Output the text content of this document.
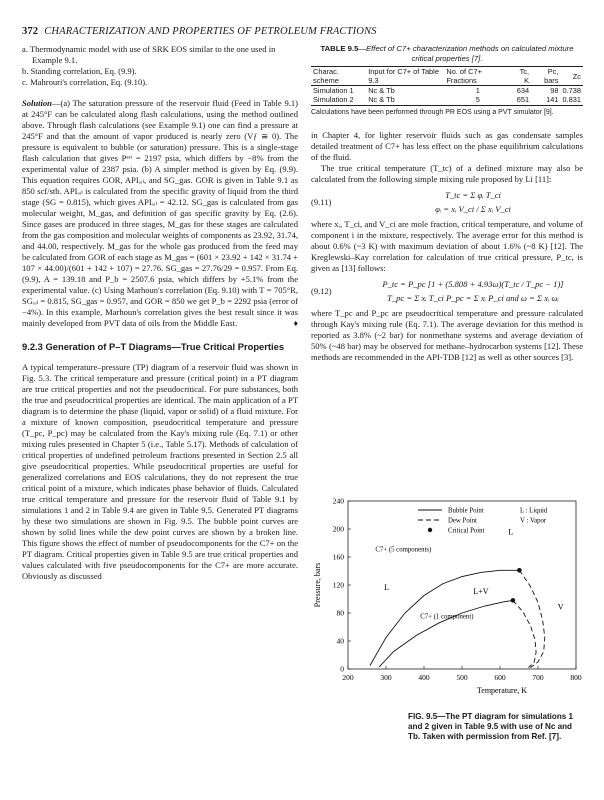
372 CHARACTERIZATION AND PROPERTIES OF PETROLEUM FRACTIONS

a. Thermodynamic model with use of SRK EOS similar to the one used in Example 9.1.

b. Standing correlation, Eq. (9.9).

c. Mahrouri's correlation, Eq. (9.10).

Solution—(a) The saturation pressure of the reservoir fluid (Feed in Table 9.1) at 245°F can be calculated along flash calculations, using the method outlined above. Through flash calculations (see Example 9.1) one can find a pressure at 245°F and that the amount of vapor produced is nearly zero (Vƒ ≅ 0). The pressure is equivalent to bubble (or saturation) pressure. This is a single-stage flash calculation that gives Pˢᵃᵗ = 2197 psia, which differs by −8% from the experimental value of 2387 psia. (b) A simpler method is given by Eq. (9.9). This equation requires GOR, APIₒᵢₗ, and SG_gas. GOR is given in Table 9.1 as 850 scf/stb. APIₒᵢₗ is calculated from the specific gravity of liquid from the third stage (SG = 0.815), which gives APIₒᵢₗ = 42.12. SG_gas is calculated from gas molecular weight, M_gas, and definition of gas specific gravity by Eq. (2.6). Since gases are produced in three stages, M_gas for these stages are calculated from the gas composition and molecular weights of components as 23.92, 31.74, and 44.00, respectively. M_gas for the whole gas produced from the feed may be calculated from GOR of each stage as M_gas = (601 × 23.92 + 142 × 31.74 + 107 × 44.00)/(601 + 142 + 107) = 27.76. SG_gas = 27.76/29 = 0.957. From Eq. (9.9), A = 139.18 and P_b = 2507.6 psia, which differs by +5.1% from the experimental value. (c) Using Marhoun's correlation (Eq. 9.10) with T = 705°R, SGₒᵢₗ = 0.815, SG_gas = 0.957, and GOR = 850 we get P_b = 2292 psia (error of −4%). In this example, Marhoun's correlation gives the best result since it was mainly developed from PVT data of oils from the Middle East.	♦

9.2.3 Generation of P–T Diagrams—True Critical Properties

A typical temperature–pressure (TP) diagram of a reservoir fluid was shown in Fig. 5.3. The critical temperature and pressure (critical point) in a PT diagram are true critical properties and not the pseudocritical. For pure substances, both the true and pseudocritical properties are identical. The main application of a PT diagram is to determine the phase (liquid, vapor or solid) of a fluid mixture. For a mixture of known composition, pseudocritical temperature and pressure (T_pc, P_pc) may be calculated from the Kay's mixing rule (Eq. 7.1) or other mixing rules presented in Chapter 5 (i.e., Table 5.17). Methods of calculation of critical properties of undefined petroleum fractions presented in Section 2.5 all give pseudocritical properties. While pseudocritical properties are useful for generalized correlations and EOS calculations, they do not represent the true critical point of a mixture, which indicates phase behavior of fluids. Calculated true critical temperature and pressure for the reservoir fluid of Table 9.1 by simulations 1 and 2 in Table 9.4 are given in Table 9.5. Generated PT diagrams by these two simulations are shown in Fig. 9.5. The bubble point curves are shown by solid lines while the dew point curves are shown by a broken line. This figure shows the effect of number of pseudocomponents for the C7+ on the PT diagram. Critical properties given in Table 9.5 are true critical properties and values calculated with five pseudocomponents for the C7+ are more accurate. Obviously as discussed

TABLE 9.5—Effect of C7+ characterization methods on calculated mixture critical properties [7].
Charac. scheme	Input for C7+ of Table 9.3	No. of C7+ Fractions	Tc, K	Pc, bars	Zc
Simulation 1	Nc & Tb	1	634	98	0.738
Simulation 2	Nc & Tb	5	651	141	0.831
Calculations have been performed through PR EOS using a PVT simulator [9].

in Chapter 4, for lighter reservoir fluids such as gas condensate samples detailed treatment of C7+ has less effect on the phase equilibrium calculations of the fluid.

The true critical temperature (T_tc) of a defined mixture may also be calculated from the following simple mixing rule proposed by Li [11]:

(9.11)
T_tc = Σ φᵢ T_ci
φᵢ = xᵢ V_ci / Σ xᵢ V_ci

where xᵢ, T_ci, and V_ci are mole fraction, critical temperature, and volume of component i in the mixture, respectively. The average error for this method is about 0.6% (~3 K) with maximum deviation of about 1.6% (~8 K) [12]. The Kreglewski–Kay correlation for calculation of true critical pressure, P_tc, is given as [13] follows:

(9.12)
P_tc = P_pc [1 + (5.808 + 4.93ω)(T_tc / T_pc − 1)]
T_pc = Σ xᵢ T_ci P_pc = Σ xᵢ P_ci and ω = Σ xᵢ ωᵢ

where T_pc and P_pc are pseudocritical temperature and pressure calculated through Kay's mixing rule (Eq. 7.1). The average deviation for this method is reported as 3.8% (~2 bar) for nonmethane systems and average deviation of 50% (~48 bar) may be observed for methane–hydrocarbon systems [12]. These methods are recommended in the API-TDB [12] as well as other sources [3].

200	300	400	500	600	700	800
0
40
80
120
160
200
240
Temperature, K
Pressure, bars
Bubble Point
Dew Point
Critical Point
L : Liquid
V : Vapor
C7+ (5 components)
C7+ (1 component)
L	L+V
L
V
FIG. 9.5—The PT diagram for simulations 1 and 2 given in Table 9.5 with use of Nc and Tb. Taken with permission from Ref. [7].
